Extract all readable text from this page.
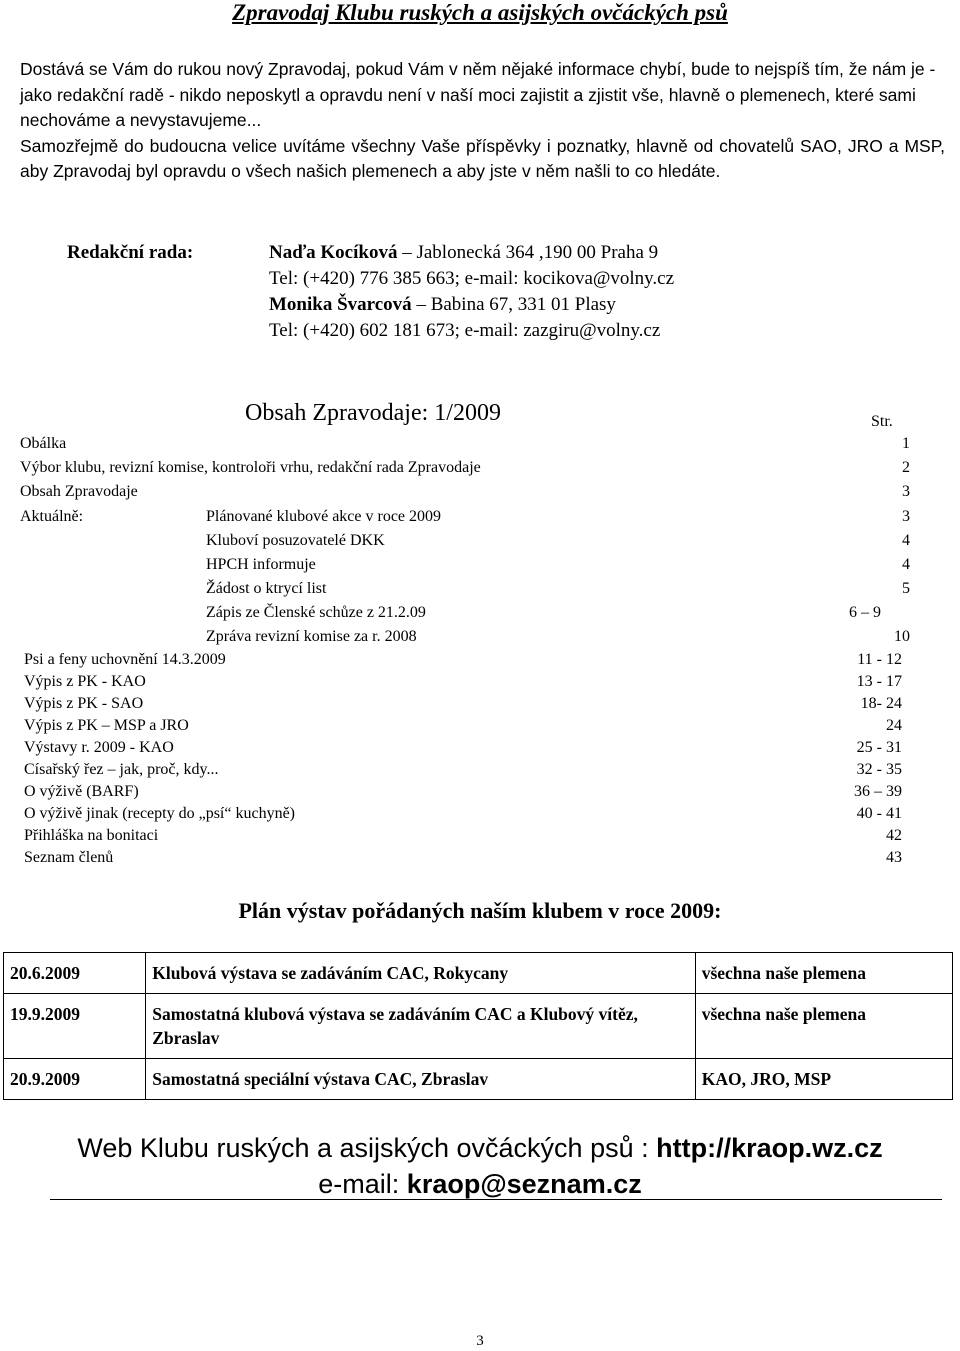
Zpravodaj Klubu ruských a asijských ovčáckých psů

Dostává se Vám do rukou nový Zpravodaj, pokud Vám v něm nějaké informace chybí, bude to nejspíš tím, že nám je - jako redakční radě - nikdo neposkytl a opravdu není v naší moci zajistit a zjistit vše, hlavně o plemenech, které sami nechováme a nevystavujeme...

Samozřejmě do budoucna velice uvítáme všechny Vaše příspěvky i poznatky, hlavně od chovatelů SAO, JRO a MSP, aby Zpravodaj byl opravdu o všech našich plemenech a aby jste v něm našli to co hledáte.

Redakční rada:	Naďa Kocíková – Jablonecká 364 ,190 00 Praha 9
Tel: (+420) 776 385 663; e-mail: kocikova@volny.cz
Monika Švarcová – Babina 67, 331 01 Plasy
Tel: (+420) 602 181 673; e-mail: zazgiru@volny.cz
Obsah Zpravodaje: 1/2009	Str.
Obálka	1
Výbor klubu, revizní komise, kontroloři vrhu, redakční rada Zpravodaje	2
Obsah Zpravodaje	3
Aktuálně:	Plánované klubové akce v roce 2009	3
Kluboví posuzovatelé DKK	4
HPCH informuje	4
Žádost o ktrycí list	5
Zápis ze Členské schůze z 21.2.09	6 – 9
Zpráva revizní komise za r. 2008	10
Psi a feny uchovnění 14.3.2009	11 - 12
Výpis z PK - KAO	13 - 17
Výpis z PK - SAO	18- 24
Výpis z PK – MSP a JRO	24
Výstavy r. 2009 - KAO	25 - 31
Císařský řez – jak, proč, kdy...	32 - 35
O výživě (BARF)	36 – 39
O výživě jinak (recepty do „psí“ kuchyně)	40 - 41
Přihláška na bonitaci	42
Seznam členů	43
Plán výstav pořádaných naším klubem v roce 2009:
20.6.2009	Klubová výstava se zadáváním CAC, Rokycany	všechna naše plemena
19.9.2009	Samostatná klubová výstava se zadáváním CAC a Klubový vítěz, Zbraslav	všechna naše plemena
20.9.2009	Samostatná speciální výstava CAC, Zbraslav	KAO, JRO, MSP
Web Klubu ruských a asijských ovčáckých psů : http://kraop.wz.cz
e-mail: kraop@seznam.cz
3
